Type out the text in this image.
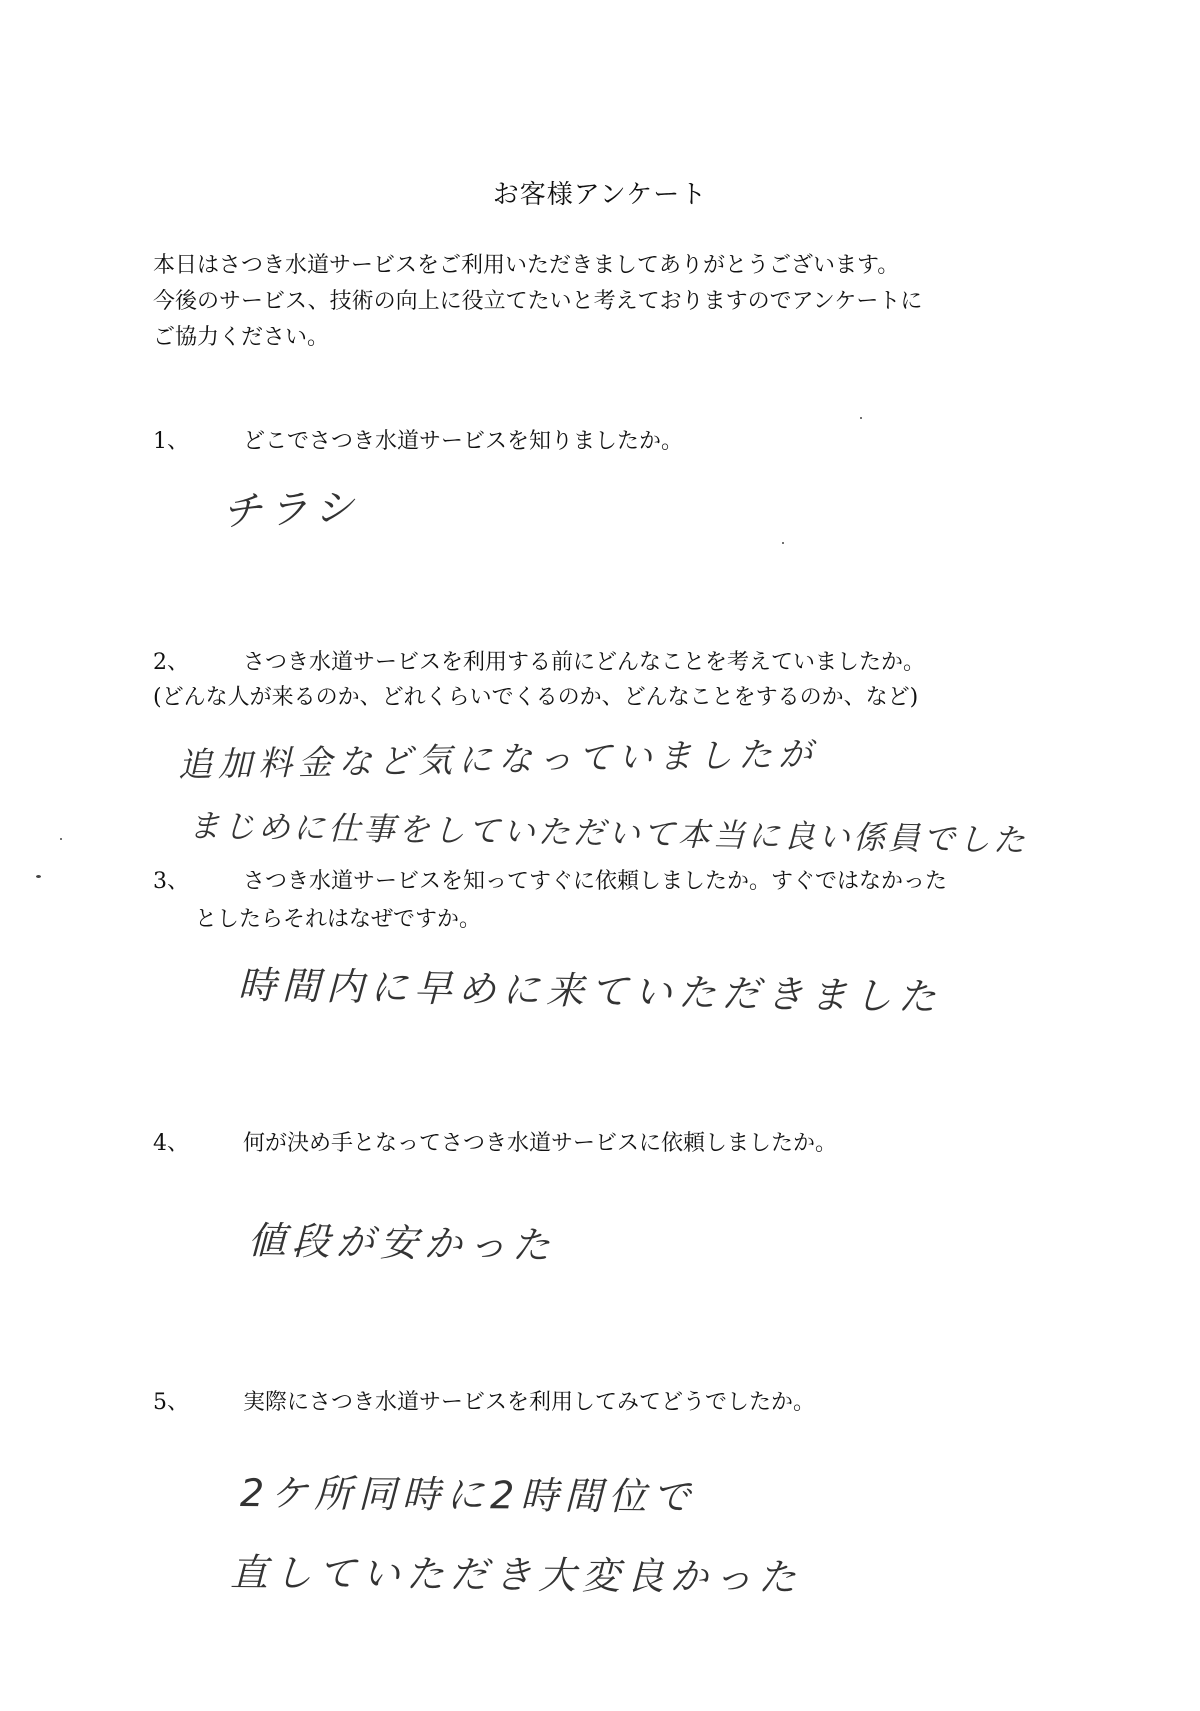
お客様アンケート
本日はさつき水道サービスをご利用いただきましてありがとうございます。
今後のサービス、技術の向上に役立てたいと考えておりますのでアンケートに
ご協力ください。
1、 どこでさつき水道サービスを知りましたか。
チラシ
2、 さつき水道サービスを利用する前にどんなことを考えていましたか。
(どんな人が来るのか、どれくらいでくるのか、どんなことをするのか、など)
追加料金など気になっていましたが
まじめに仕事をしていただいて本当に良い係員でした
3、 さつき水道サービスを知ってすぐに依頼しましたか。すぐではなかった
としたらそれはなぜですか。
時間内に早めに来ていただきました
4、 何が決め手となってさつき水道サービスに依頼しましたか。
値段が安かった
5、 実際にさつき水道サービスを利用してみてどうでしたか。
2ケ所同時に2時間位で
直していただき大変良かった
